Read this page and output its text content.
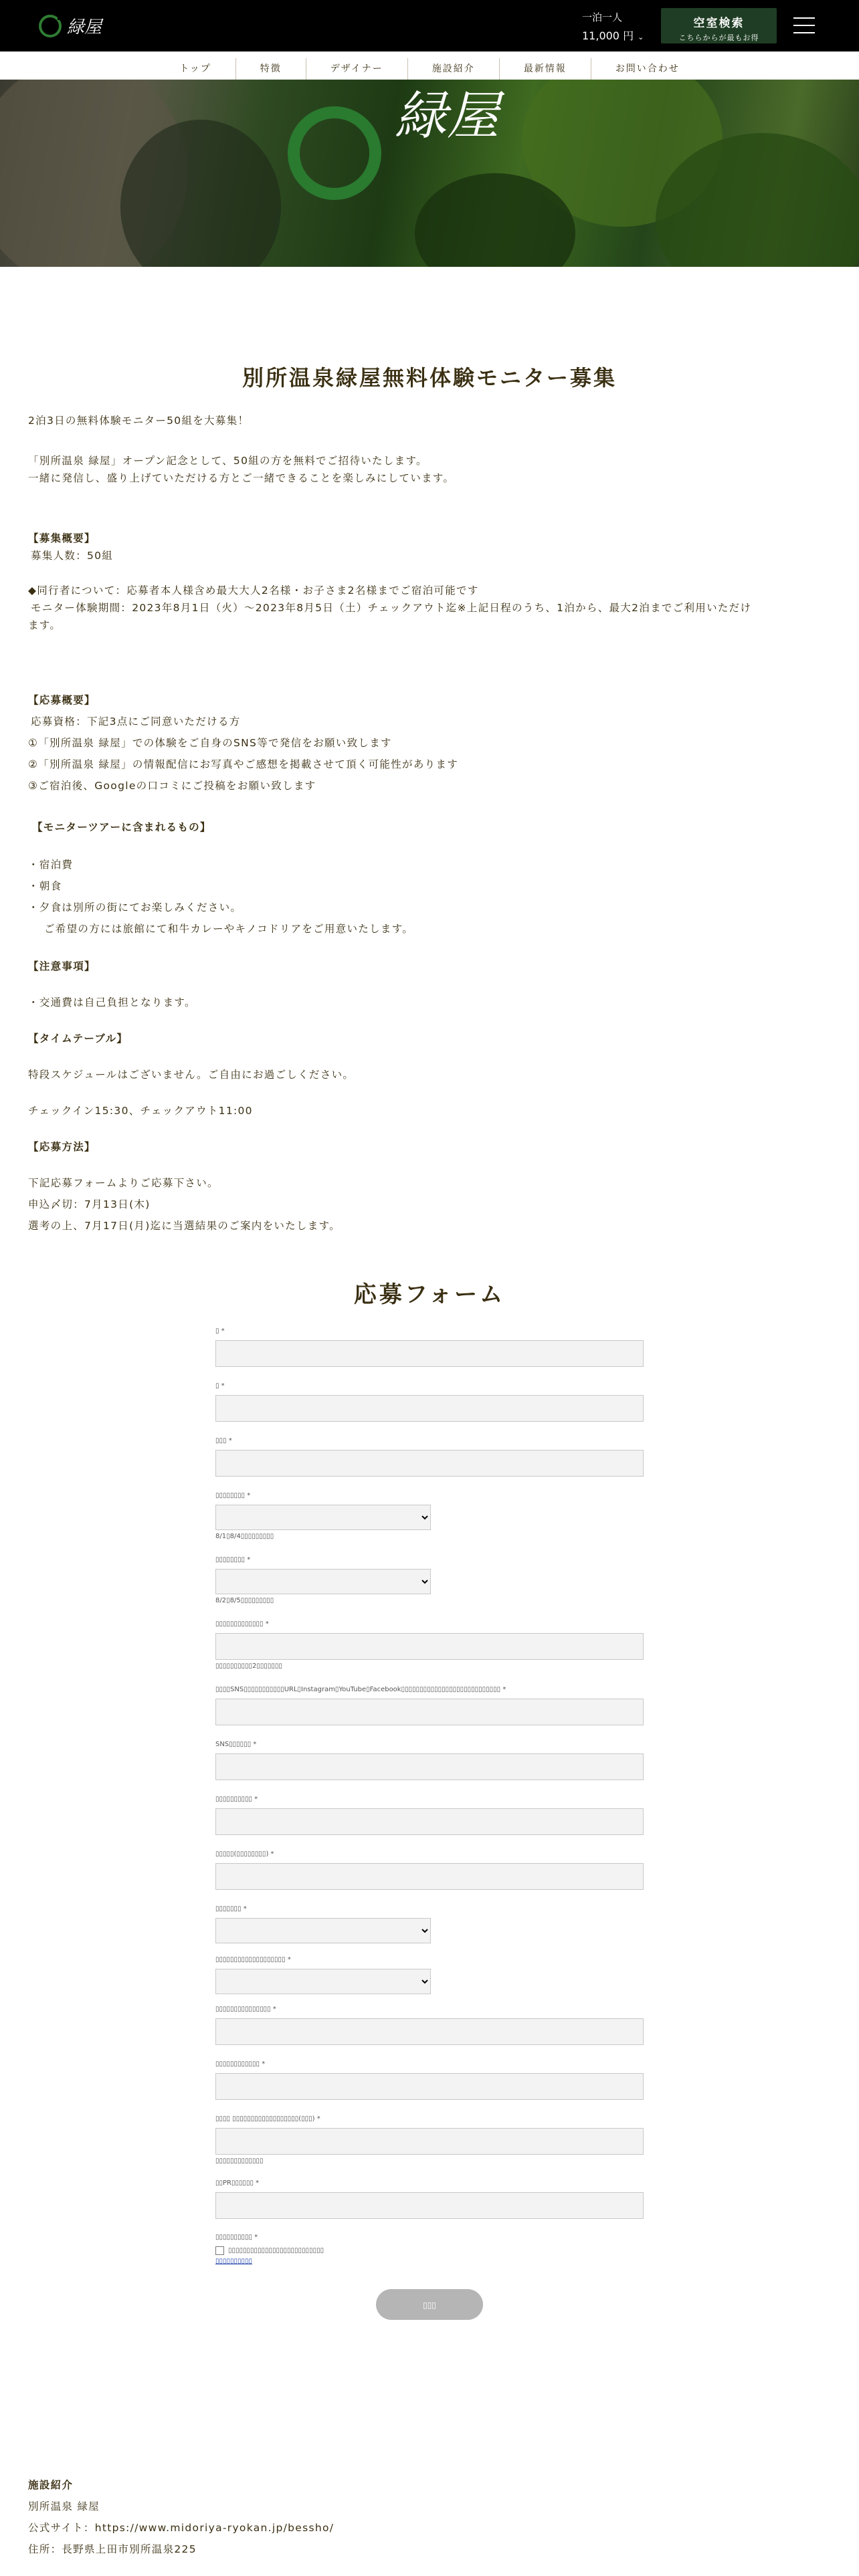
緑屋	一泊一人
11,000 円 ⌄
空室検索
こちらからが最もお得
緑屋
トップ	特徴	デザイナー	施設紹介	最新情報	お問い合わせ
別所温泉緑屋無料体験モニター募集
2泊3日の無料体験モニター50組を大募集！
「別所温泉 緑屋」オープン記念として、50組の方を無料でご招待いたします。
一緒に発信し、盛り上げていただける方とご一緒できることを楽しみにしています。
【募集概要】
募集人数：50組
◆同行者について：応募者本人様含め最大大人2名様・お子さま2名様までご宿泊可能です
モニター体験期間：2023年8月1日（火）〜2023年8月5日（土）チェックアウト迄※上記日程のうち、1泊から、最大2泊までご利用いただけ
ます。
【応募概要】
応募資格：下記3点にご同意いただける方
①「別所温泉 緑屋」での体験をご自身のSNS等で発信をお願い致します
②「別所温泉 緑屋」の情報配信にお写真やご感想を掲載させて頂く可能性があります
③ご宿泊後、Googleの口コミにご投稿をお願い致します
【モニターツアーに含まれるもの】
・宿泊費
・朝食
・夕食は別所の街にてお楽しみください。
ご希望の方には旅館にて和牛カレーやキノコドリアをご用意いたします。
【注意事項】
・交通費は自己負担となります。
【タイムテーブル】
特段スケジュールはございません。ご自由にお過ごしください。
チェックイン15:30、チェックアウト11:00
【応募方法】
下記応募フォームよりご応募下さい。
申込〆切：7月13日(木)
選考の上、7月17日(月)迄に当選結果のご案内をいたします。
応募フォーム
▯ *
▯ *
▯▯▯ *
▯▯▯▯▯▯▯▯ *
8/1▯8/4▯▯▯▯▯▯▯▯▯
▯▯▯▯▯▯▯▯ *
8/2▯8/5▯▯▯▯▯▯▯▯▯
▯▯▯▯▯▯▯▯▯▯▯▯▯ *
▯▯▯▯▯▯▯▯▯▯2▯▯▯▯▯▯▯
▯▯▯▯SNS▯▯▯▯▯▯▯▯▯▯▯URL▯Instagram▯YouTube▯Facebook▯▯▯▯▯▯▯▯▯▯▯▯▯▯▯▯▯▯▯▯▯▯▯▯▯▯▯ *
SNS▯▯▯▯▯▯ *
▯▯▯▯▯▯▯▯▯▯ *
▯▯▯▯▯(▯▯▯▯▯▯▯▯) *
▯▯▯▯▯▯▯ *
▯▯▯▯▯▯▯▯▯▯▯▯▯▯▯▯▯▯▯ *
▯▯▯▯▯▯▯▯▯▯▯▯▯▯▯ *
▯▯▯▯▯▯▯▯▯▯▯▯ *
▯▯▯▯ ▯▯▯▯▯▯▯▯▯▯▯▯▯▯▯▯▯▯(▯▯▯) *
▯▯▯▯▯▯▯▯▯▯▯▯▯
▯▯PR▯▯▯▯▯▯ *
▯▯▯▯▯▯▯▯▯▯ *
▯▯▯▯▯▯▯▯▯▯▯▯▯▯▯▯▯▯▯▯▯▯▯▯▯▯
▯▯▯▯▯▯▯▯▯▯
▯▯▯
施設紹介
別所温泉 緑屋
公式サイト：https://www.midoriya-ryokan.jp/bessho/
住所：長野県上田市別所温泉225
